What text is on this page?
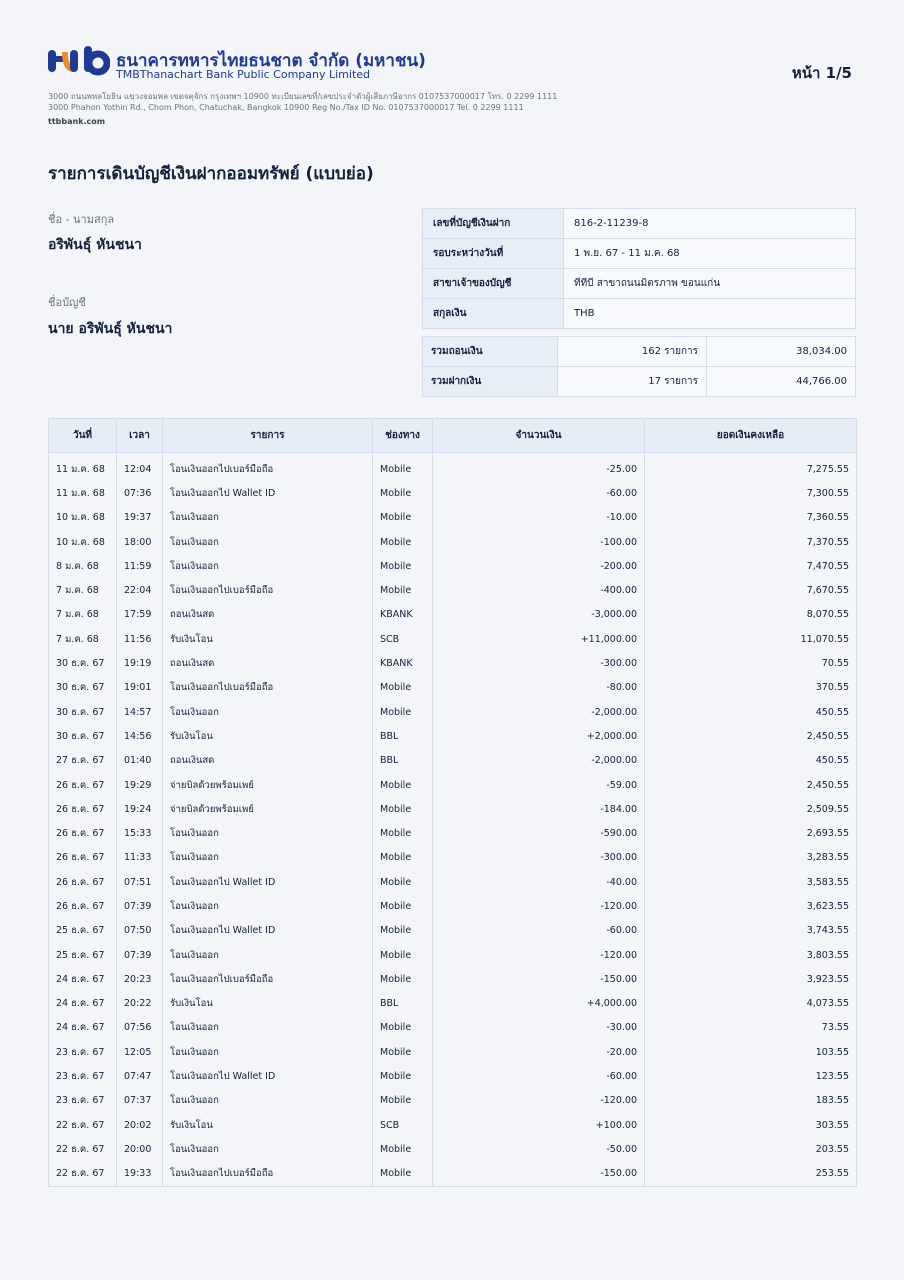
ธนาคารทหารไทยธนชาต จำกัด (มหาชน)
TMBThanachart Bank Public Company Limited
3000 ถนนพหลโยธิน แขวงจอมพล เขตจตุจักร กรุงเทพฯ 10900 ทะเบียนเลขที่/เลขประจำตัวผู้เสียภาษีอากร 0107537000017 โทร. 0 2299 1111
3000 Phahon Yothin Rd., Chom Phon, Chatuchak, Bangkok 10900 Reg No./Tax ID No. 0107537000017 Tel. 0 2299 1111
ttbbank.com
หน้า 1/5
รายการเดินบัญชีเงินฝากออมทรัพย์ (แบบย่อ)
ชื่อ - นามสกุล
อริพันธุ์ หันชนา
ชื่อบัญชี
นาย อริพันธุ์ หันชนา
เลขที่บัญชีเงินฝาก	816-2-11239-8
รอบระหว่างวันที่	1 พ.ย. 67 - 11 ม.ค. 68
สาขาเจ้าของบัญชี	ทีทีบี สาขาถนนมิตรภาพ ขอนแก่น
สกุลเงิน	THB
รวมถอนเงิน	162 รายการ	38,034.00
รวมฝากเงิน	17 รายการ	44,766.00
วันที่	เวลา	รายการ	ช่องทาง	จำนวนเงิน	ยอดเงินคงเหลือ
11 ม.ค. 68	12:04	โอนเงินออกไปเบอร์มือถือ	Mobile	-25.00	7,275.55
11 ม.ค. 68	07:36	โอนเงินออกไป Wallet ID	Mobile	-60.00	7,300.55
10 ม.ค. 68	19:37	โอนเงินออก	Mobile	-10.00	7,360.55
10 ม.ค. 68	18:00	โอนเงินออก	Mobile	-100.00	7,370.55
8 ม.ค. 68	11:59	โอนเงินออก	Mobile	-200.00	7,470.55
7 ม.ค. 68	22:04	โอนเงินออกไปเบอร์มือถือ	Mobile	-400.00	7,670.55
7 ม.ค. 68	17:59	ถอนเงินสด	KBANK	-3,000.00	8,070.55
7 ม.ค. 68	11:56	รับเงินโอน	SCB	+11,000.00	11,070.55
30 ธ.ค. 67	19:19	ถอนเงินสด	KBANK	-300.00	70.55
30 ธ.ค. 67	19:01	โอนเงินออกไปเบอร์มือถือ	Mobile	-80.00	370.55
30 ธ.ค. 67	14:57	โอนเงินออก	Mobile	-2,000.00	450.55
30 ธ.ค. 67	14:56	รับเงินโอน	BBL	+2,000.00	2,450.55
27 ธ.ค. 67	01:40	ถอนเงินสด	BBL	-2,000.00	450.55
26 ธ.ค. 67	19:29	จ่ายบิลด้วยพร้อมเพย์	Mobile	-59.00	2,450.55
26 ธ.ค. 67	19:24	จ่ายบิลด้วยพร้อมเพย์	Mobile	-184.00	2,509.55
26 ธ.ค. 67	15:33	โอนเงินออก	Mobile	-590.00	2,693.55
26 ธ.ค. 67	11:33	โอนเงินออก	Mobile	-300.00	3,283.55
26 ธ.ค. 67	07:51	โอนเงินออกไป Wallet ID	Mobile	-40.00	3,583.55
26 ธ.ค. 67	07:39	โอนเงินออก	Mobile	-120.00	3,623.55
25 ธ.ค. 67	07:50	โอนเงินออกไป Wallet ID	Mobile	-60.00	3,743.55
25 ธ.ค. 67	07:39	โอนเงินออก	Mobile	-120.00	3,803.55
24 ธ.ค. 67	20:23	โอนเงินออกไปเบอร์มือถือ	Mobile	-150.00	3,923.55
24 ธ.ค. 67	20:22	รับเงินโอน	BBL	+4,000.00	4,073.55
24 ธ.ค. 67	07:56	โอนเงินออก	Mobile	-30.00	73.55
23 ธ.ค. 67	12:05	โอนเงินออก	Mobile	-20.00	103.55
23 ธ.ค. 67	07:47	โอนเงินออกไป Wallet ID	Mobile	-60.00	123.55
23 ธ.ค. 67	07:37	โอนเงินออก	Mobile	-120.00	183.55
22 ธ.ค. 67	20:02	รับเงินโอน	SCB	+100.00	303.55
22 ธ.ค. 67	20:00	โอนเงินออก	Mobile	-50.00	203.55
22 ธ.ค. 67	19:33	โอนเงินออกไปเบอร์มือถือ	Mobile	-150.00	253.55
